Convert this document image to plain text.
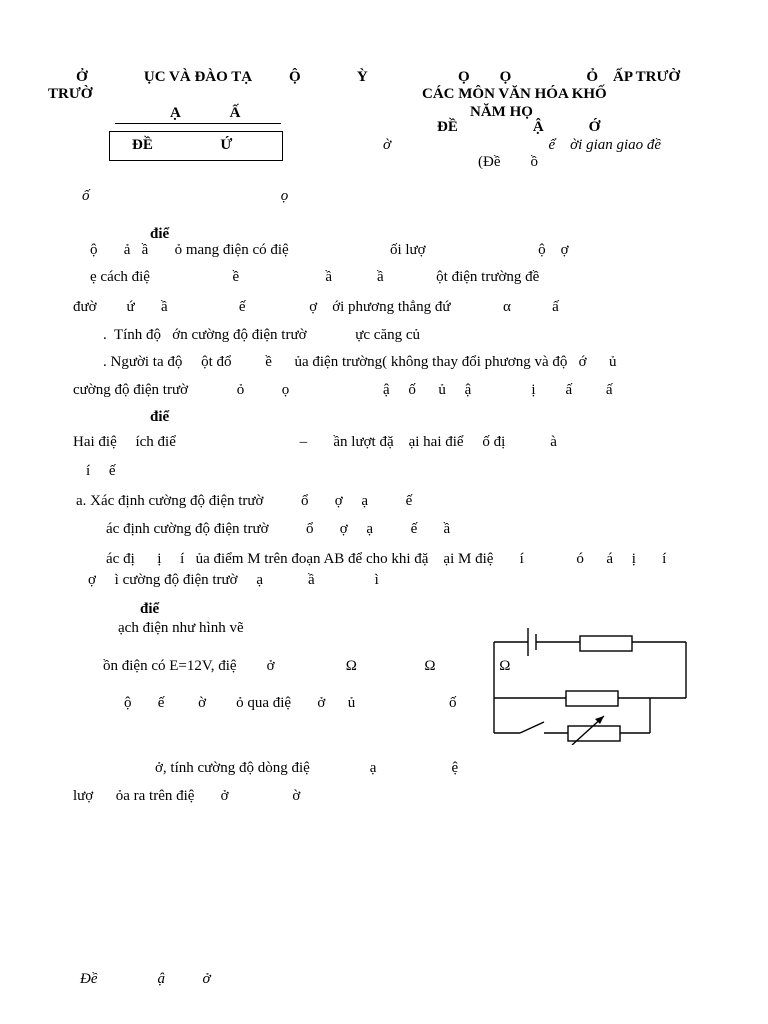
Ở               ỤC VÀ ĐÀO TẠ Ộ               Ỳ	Ọ        Ọ                    Ỏ    ẤP TRƯỜ
TRƯỜ	CÁC MÔN VĂN HÓA KHỐ
Ạ             Ấ	NĂM HỌ
ĐỀ                    Ậ            Ớ
ĐỀ                  Ứ	ờ                                          ể    ời gian giao đề
(Đề        ồ
ố                                                   ọ
điể
ộ       ả   ầ       ỏ mang điện có điệ                           ối lượ                              ộ    ợ
ẹ cách điệ                      ề                       ầ            ầ              ột điện trường đề
đườ        ứ       ầ                   ế                 ợ    ới phương thẳng đứ              α           ấ
.  Tính độ   ớn cường độ điện trườ             ực căng củ
. Người ta độ     ột đổ         ề      ủa điện trường( không thay đổi phương và độ   ớ      ủ
cường độ điện trườ             ỏ          ọ                         ậ     ố      ủ     ậ                ị        ấ         ấ
điể
Hai điệ     ích điể                                 –       ần lượt đặ    ại hai điể     ố đị            à
í     ế
a. Xác định cường độ điện trườ          ổ       ợ     ạ          ế
ác định cường độ điện trườ          ổ       ợ     ạ          ế       ầ
ác đị      ị     í   ủa điểm M trên đoạn AB để cho khi đặ    ại M điệ       í              ó      á     ị       í
ợ     ì cường độ điện trườ     ạ            ầ                ì
điể
ạch điện như hình vẽ
ồn điện có E=12V, điệ        ở                   Ω                  Ω                 Ω
ộ       ế         ờ        ỏ qua điệ       ở      ủ                         ố
ở, tính cường độ dòng điệ                ạ                    ệ
lượ      ỏa ra trên điệ       ở                 ờ
Đề                ậ          ở
